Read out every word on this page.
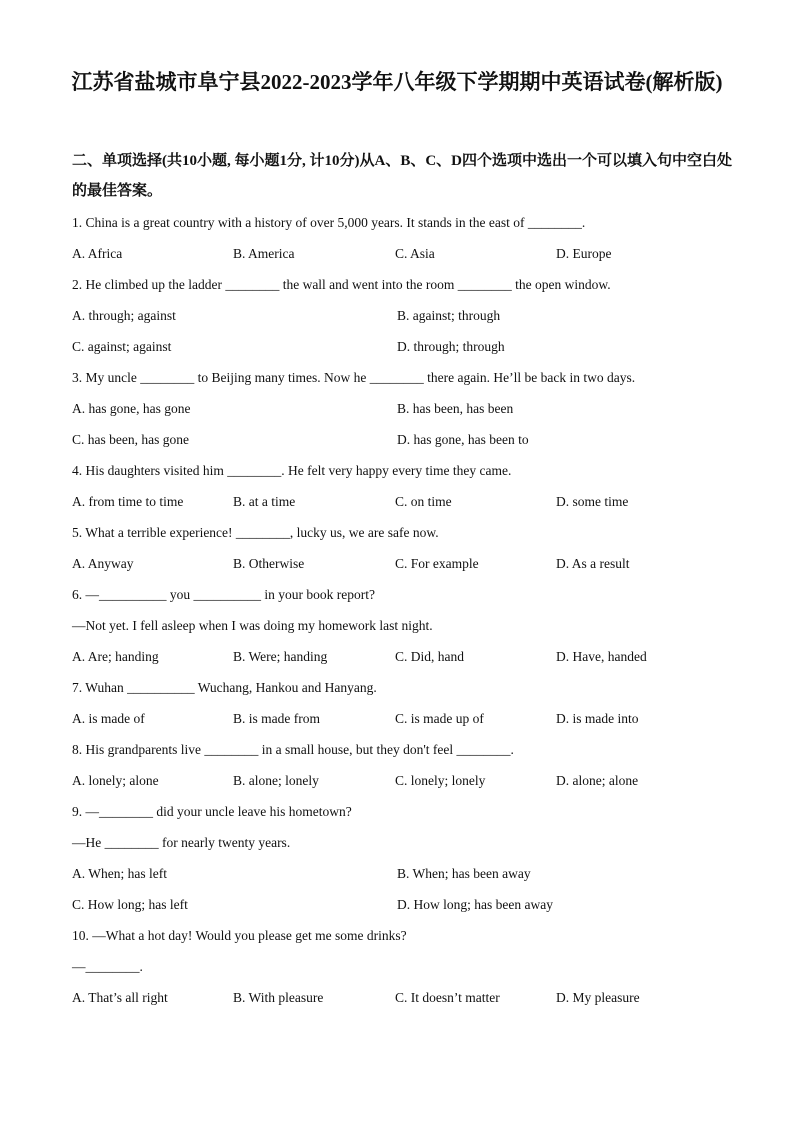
江苏省盐城市阜宁县2022-2023学年八年级下学期期中英语试卷(解析版)
二、单项选择(共10小题, 每小题1分, 计10分)从A、B、C、D四个选项中选出一个可以填入句中空白处的最佳答案。
1. China is a great country with a history of over 5,000 years. It stands in the east of ________.
A. Africa	B. America	C. Asia	D. Europe
2. He climbed up the ladder ________ the wall and went into the room ________ the open window.
A. through; against	B. against; through
C. against; against	D. through; through
3. My uncle ________ to Beijing many times. Now he ________ there again. He’ll be back in two days.
A. has gone, has gone	B. has been, has been
C. has been, has gone	D. has gone, has been to
4. His daughters visited him ________. He felt very happy every time they came.
A. from time to time	B. at a time	C. on time	D. some time
5. What a terrible experience! ________, lucky us, we are safe now.
A. Anyway	B. Otherwise	C. For example	D. As a result
6. —__________ you __________ in your book report?
—Not yet. I fell asleep when I was doing my homework last night.
A. Are; handing	B. Were; handing	C. Did, hand	D. Have, handed
7. Wuhan __________ Wuchang, Hankou and Hanyang.
A. is made of	B. is made from	C. is made up of	D. is made into
8. His grandparents live ________ in a small house, but they don't feel ________.
A. lonely; alone	B. alone; lonely	C. lonely; lonely	D. alone; alone
9. —________ did your uncle leave his hometown?
—He ________ for nearly twenty years.
A. When; has left	B. When; has been away
C. How long; has left	D. How long; has been away
10. —What a hot day! Would you please get me some drinks?
—________.
A. That’s all right	B. With pleasure	C. It doesn’t matter	D. My pleasure
